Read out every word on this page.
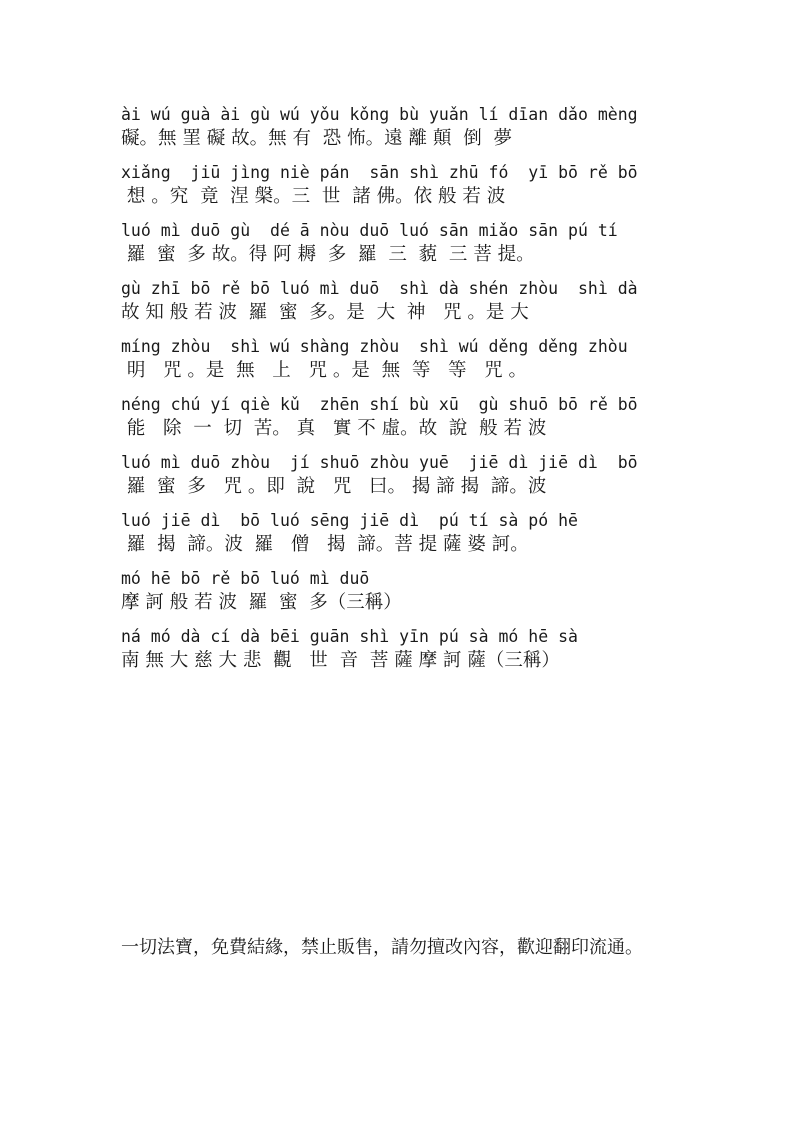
ài wú guà ài gù wú yǒu kǒng bù yuǎn lí dīan dǎo mèng
礙。無 罣 礙 故。無 有  恐 怖。遠 離 顛  倒  夢
xiǎng  jiū jìng niè pán  sān shì zhū fó  yī bō rě bō
想 。究  竟  涅 槃。三  世  諸 佛。依 般 若 波
luó mì duō gù  dé ā nòu duō luó sān miǎo sān pú tí
羅  蜜  多 故。得 阿 耨  多  羅  三  藐  三 菩 提。
gù zhī bō rě bō luó mì duō  shì dà shén zhòu  shì dà
故 知 般 若 波  羅  蜜  多。是  大  神   咒 。是 大
míng zhòu  shì wú shàng zhòu  shì wú děng děng zhòu
明   咒 。是  無   上   咒 。是  無  等   等   咒 。
néng chú yí qiè kǔ  zhēn shí bù xū  gù shuō bō rě bō
能   除  一  切  苦。 真   實 不 虛。故  說  般 若 波
luó mì duō zhòu  jí shuō zhòu yuē  jiē dì jiē dì  bō
羅  蜜  多   咒 。即  說   咒   曰。 揭 諦 揭  諦。波
luó jiē dì  bō luó sēng jiē dì  pú tí sà pó hē
羅  揭  諦。波  羅   僧   揭  諦。菩 提 薩 婆 訶。
mó hē bō rě bō luó mì duō
摩 訶 般 若 波  羅  蜜  多（三稱）
ná mó dà cí dà bēi guān shì yīn pú sà mó hē sà
南 無 大 慈 大 悲  觀   世  音  菩 薩 摩 訶 薩（三稱）
一切法寶，免費結緣，禁止販售，請勿擅改內容，歡迎翻印流通。
